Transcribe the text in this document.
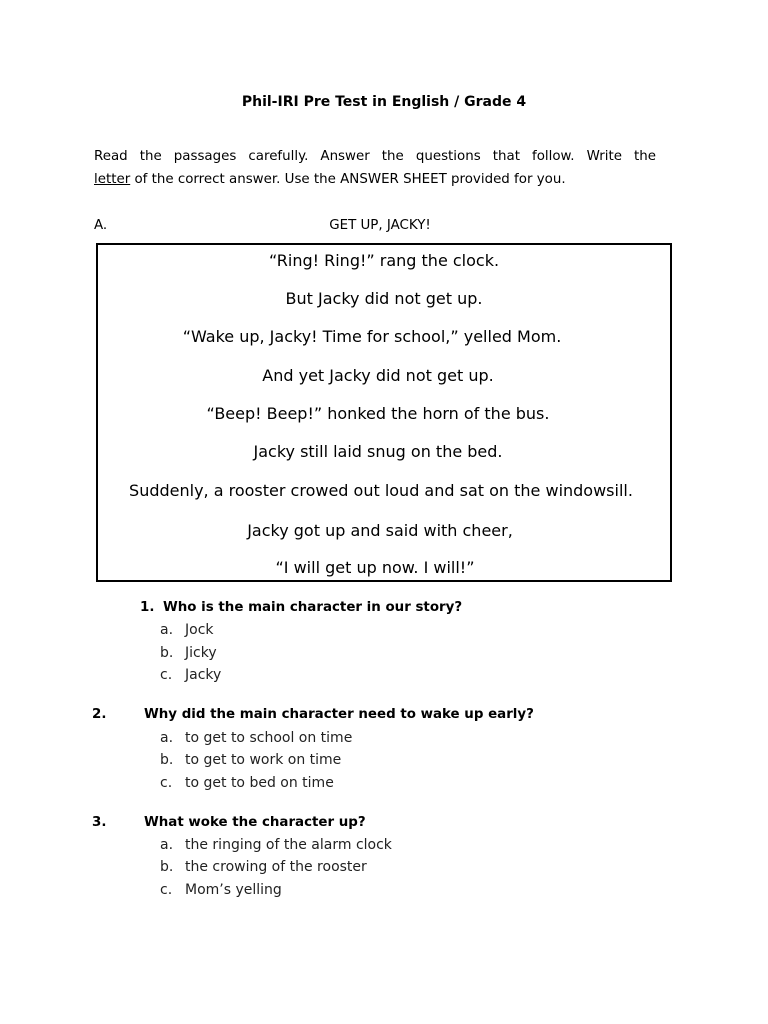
Phil-IRI Pre Test in English / Grade 4
Read the passages carefully. Answer the questions that follow. Write the
letter of the correct answer. Use the ANSWER SHEET provided for you.
A.	GET UP, JACKY!
“Ring! Ring!” rang the clock.
But Jacky did not get up.
“Wake up, Jacky! Time for school,” yelled Mom.
And yet Jacky did not get up.
“Beep! Beep!” honked the horn of the bus.
Jacky still laid snug on the bed.
Suddenly, a rooster crowed out loud and sat on the windowsill.
Jacky got up and said with cheer,
“I will get up now. I will!”
1. Who is the main character in our story?
a. Jock
b. Jicky
c. Jacky
2.	Why did the main character need to wake up early?
a. to get to school on time
b. to get to work on time
c. to get to bed on time
3.	What woke the character up?
a. the ringing of the alarm clock
b. the crowing of the rooster
c. Mom’s yelling
